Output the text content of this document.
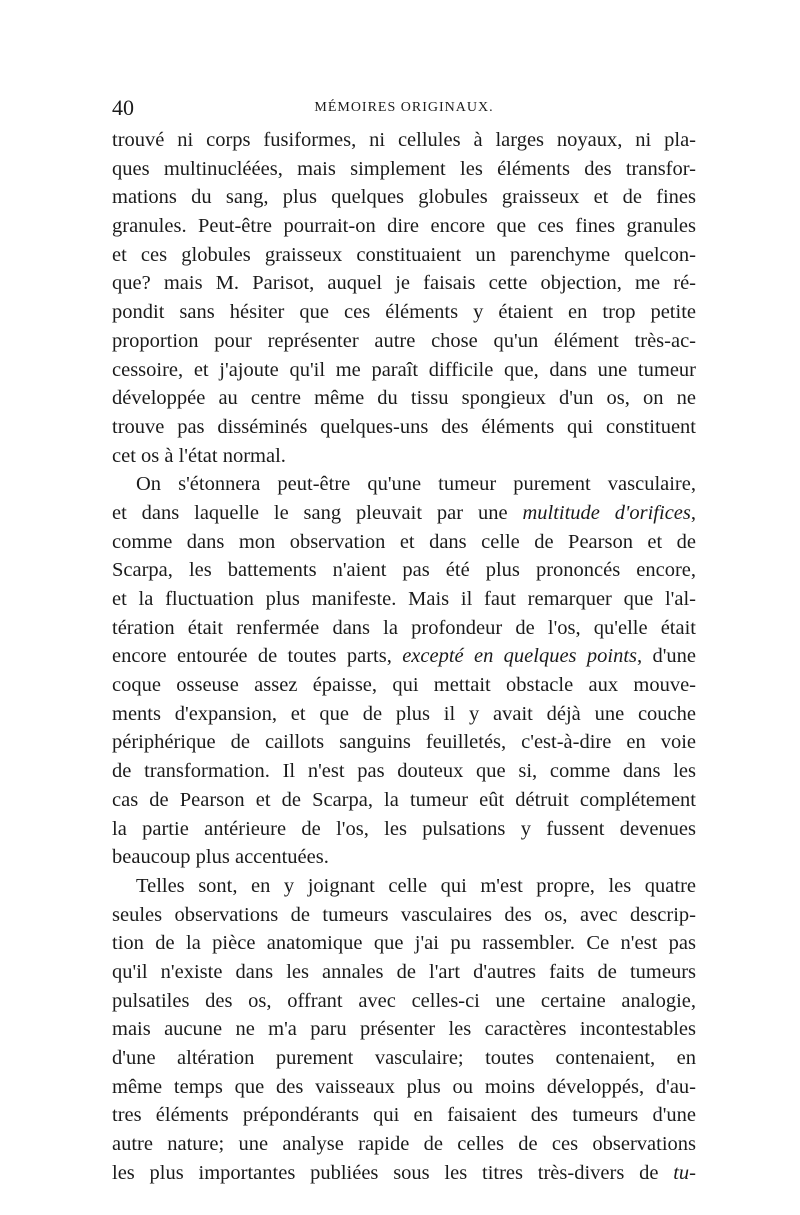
40	MÉMOIRES ORIGINAUX.
trouvé ni corps fusiformes, ni cellules à larges noyaux, ni pla-
ques multinucléées, mais simplement les éléments des transfor-
mations du sang, plus quelques globules graisseux et de fines
granules. Peut-être pourrait-on dire encore que ces fines granules
et ces globules graisseux constituaient un parenchyme quelcon-
que? mais M. Parisot, auquel je faisais cette objection, me ré-
pondit sans hésiter que ces éléments y étaient en trop petite
proportion pour représenter autre chose qu'un élément très-ac-
cessoire, et j'ajoute qu'il me paraît difficile que, dans une tumeur
développée au centre même du tissu spongieux d'un os, on ne
trouve pas disséminés quelques-uns des éléments qui constituent
cet os à l'état normal.
On s'étonnera peut-être qu'une tumeur purement vasculaire,
et dans laquelle le sang pleuvait par une multitude d'orifices,
comme dans mon observation et dans celle de Pearson et de
Scarpa, les battements n'aient pas été plus prononcés encore,
et la fluctuation plus manifeste. Mais il faut remarquer que l'al-
tération était renfermée dans la profondeur de l'os, qu'elle était
encore entourée de toutes parts, excepté en quelques points, d'une
coque osseuse assez épaisse, qui mettait obstacle aux mouve-
ments d'expansion, et que de plus il y avait déjà une couche
périphérique de caillots sanguins feuilletés, c'est-à-dire en voie
de transformation. Il n'est pas douteux que si, comme dans les
cas de Pearson et de Scarpa, la tumeur eût détruit complétement
la partie antérieure de l'os, les pulsations y fussent devenues
beaucoup plus accentuées.
Telles sont, en y joignant celle qui m'est propre, les quatre
seules observations de tumeurs vasculaires des os, avec descrip-
tion de la pièce anatomique que j'ai pu rassembler. Ce n'est pas
qu'il n'existe dans les annales de l'art d'autres faits de tumeurs
pulsatiles des os, offrant avec celles-ci une certaine analogie,
mais aucune ne m'a paru présenter les caractères incontestables
d'une altération purement vasculaire; toutes contenaient, en
même temps que des vaisseaux plus ou moins développés, d'au-
tres éléments prépondérants qui en faisaient des tumeurs d'une
autre nature; une analyse rapide de celles de ces observations
les plus importantes publiées sous les titres très-divers de tu-
